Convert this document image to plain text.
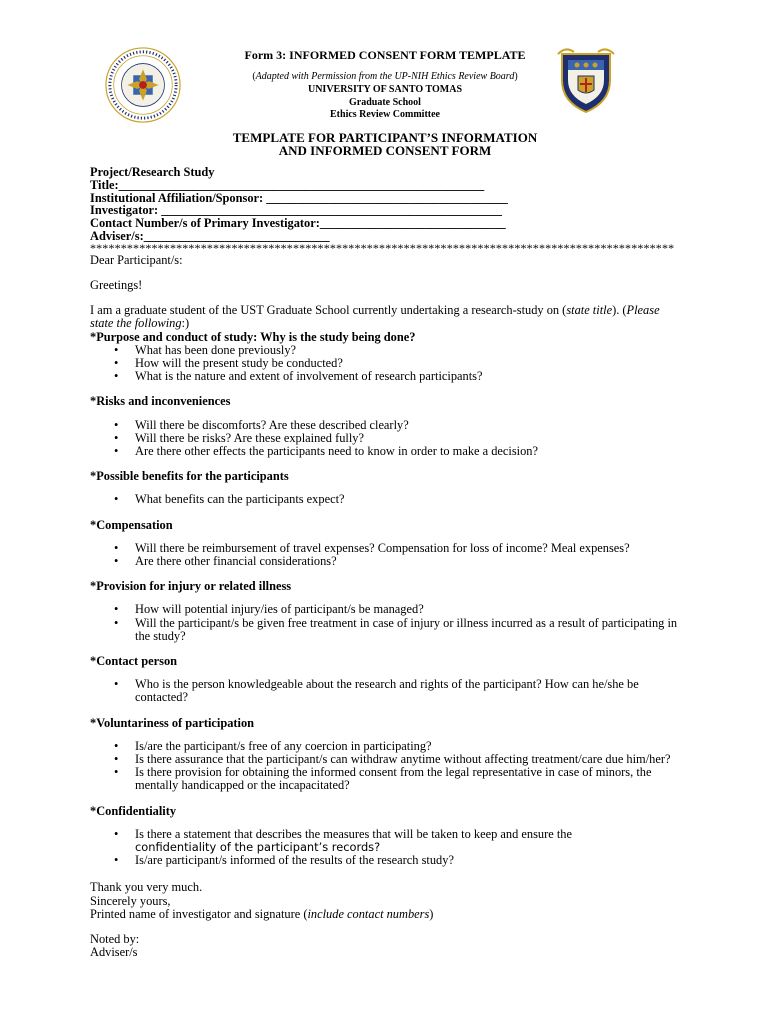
Form 3: INFORMED CONSENT FORM TEMPLATE
(Adapted with Permission from the UP-NIH Ethics Review Board)
UNIVERSITY OF SANTO TOMAS
Graduate School
Ethics Review Committee
TEMPLATE FOR PARTICIPANT’S INFORMATION
AND INFORMED CONSENT FORM
Project/Research Study
Title:___________________________________________________________
Institutional Affiliation/Sponsor: _______________________________________
Investigator: _______________________________________________________
Contact Number/s of Primary Investigator:______________________________
Adviser/s:______________________________
***********************************************************************************************

Dear Participant/s:

Greetings!

I am a graduate student of the UST Graduate School currently undertaking a research-study on (state title). (Please state the following:)

*Purpose and conduct of study: Why is the study being done?
• What has been done previously?
• How will the present study be conducted?
• What is the nature and extent of involvement of research participants?
*Risks and inconveniences
• Will there be discomforts? Are these described clearly?
• Will there be risks? Are these explained fully?
• Are there other effects the participants need to know in order to make a decision?
*Possible benefits for the participants
• What benefits can the participants expect?
*Compensation
• Will there be reimbursement of travel expenses? Compensation for loss of income? Meal expenses?
• Are there other financial considerations?
*Provision for injury or related illness
• How will potential injury/ies of participant/s be managed?
• Will the participant/s be given free treatment in case of injury or illness incurred as a result of participating in the study?
*Contact person
• Who is the person knowledgeable about the research and rights of the participant? How can he/she be contacted?
*Voluntariness of participation
• Is/are the participant/s free of any coercion in participating?
• Is there assurance that the participant/s can withdraw anytime without affecting treatment/care due him/her?
• Is there provision for obtaining the informed consent from the legal representative in case of minors, the mentally handicapped or the incapacitated?
*Confidentiality
• Is there a statement that describes the measures that will be taken to keep and ensure the
confidentiality of the participant’s records?
• Is/are participant/s informed of the results of the research study?

Thank you very much.

Sincerely yours,

Printed name of investigator and signature (include contact numbers)

Noted by:

Adviser/s
